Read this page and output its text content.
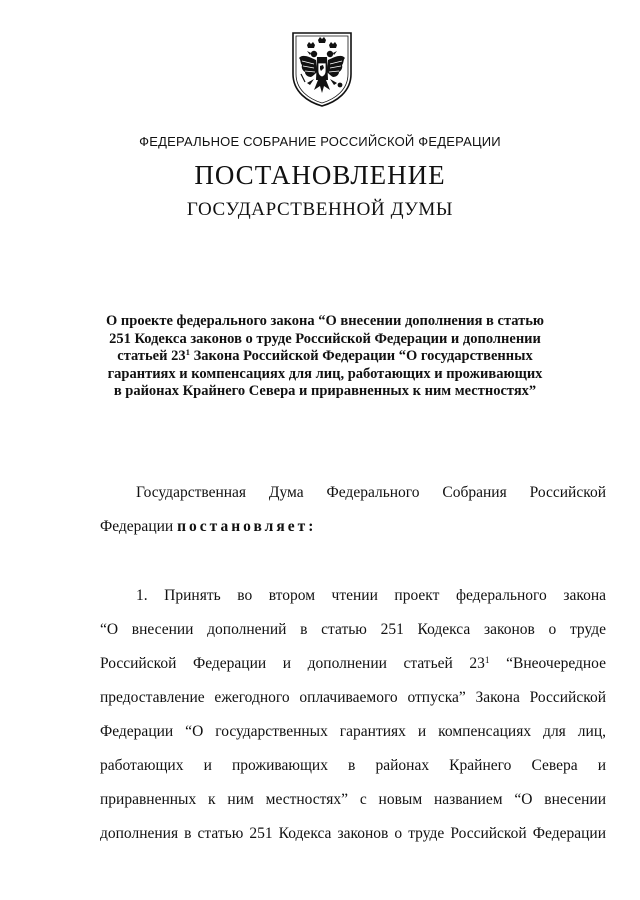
ФЕДЕРАЛЬНОЕ СОБРАНИЕ РОССИЙСКОЙ ФЕДЕРАЦИИ
ПОСТАНОВЛЕНИЕ
ГОСУДАРСТВЕННОЙ ДУМЫ
О проекте федерального закона “О внесении дополнения в статью
251 Кодекса законов о труде Российской Федерации и дополнении
статьей $23^1$ Закона Российской Федерации “О государственных
гарантиях и компенсациях для лиц, работающих и проживающих
в районах Крайнего Севера и приравненных к ним местностях”
Государственная Дума Федерального Собрания Российской
Федерации постановляет:
1. Принять во втором чтении проект федерального закона
“О внесении дополнений в статью 251 Кодекса законов о труде
Российской Федерации и дополнении статьей $23^1$ “Внеочередное
предоставление ежегодного оплачиваемого отпуска” Закона Российской
Федерации “О государственных гарантиях и компенсациях для лиц,
работающих и проживающих в районах Крайнего Севера и
приравненных к ним местностях” с новым названием “О внесении
дополнения в статью 251 Кодекса законов о труде Российской Федерации
